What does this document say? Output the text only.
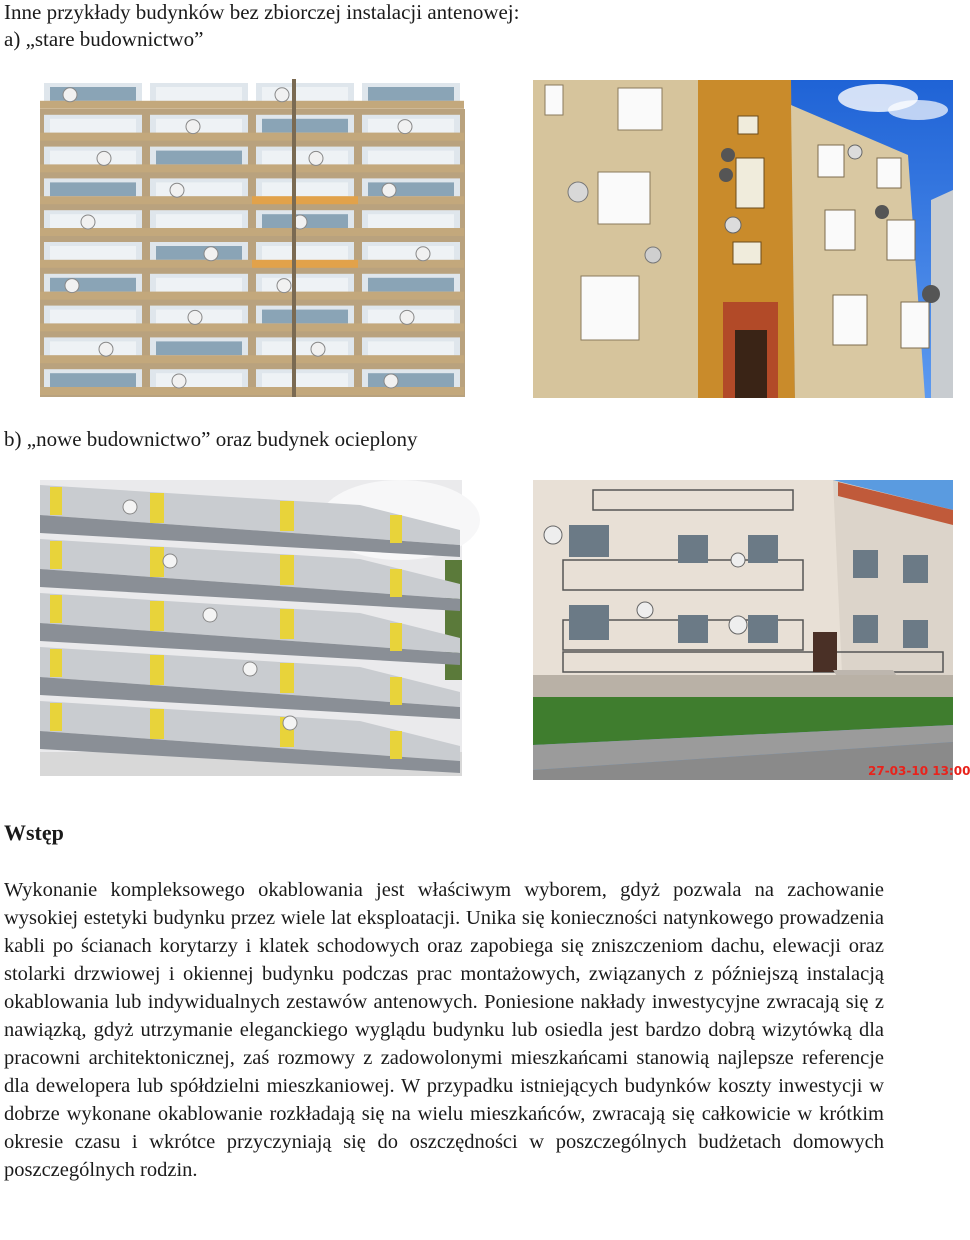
Inne przykłady budynków bez zbiorczej instalacji antenowej:
a) „stare budownictwo”
b) „nowe budownictwo” oraz budynek ocieplony
27-03-10 13:00
Wstęp
Wykonanie kompleksowego okablowania jest właściwym wyborem, gdyż pozwala na zachowanie wysokiej estetyki budynku przez wiele lat eksploatacji. Unika się konieczności natynkowego prowadzenia kabli po ścianach korytarzy i klatek schodowych oraz zapobiega się zniszczeniom dachu, elewacji oraz stolarki drzwiowej i okiennej budynku podczas prac montażowych, związanych z późniejszą instalacją okablowania lub indywidualnych zestawów antenowych. Poniesione nakłady inwestycyjne zwracają się z nawiązką, gdyż utrzymanie eleganckiego wyglądu budynku lub osiedla jest bardzo dobrą wizytówką dla pracowni architektonicznej, zaś rozmowy z zadowolonymi mieszkańcami stanowią najlepsze referencje dla dewelopera lub spółdzielni mieszkaniowej. W przypadku istniejących budynków koszty inwestycji w dobrze wykonane okablowanie rozkładają się na wielu mieszkańców, zwracają się całkowicie w krótkim okresie czasu i wkrótce przyczyniają się do oszczędności w poszczególnych budżetach domowych poszczególnych rodzin.
